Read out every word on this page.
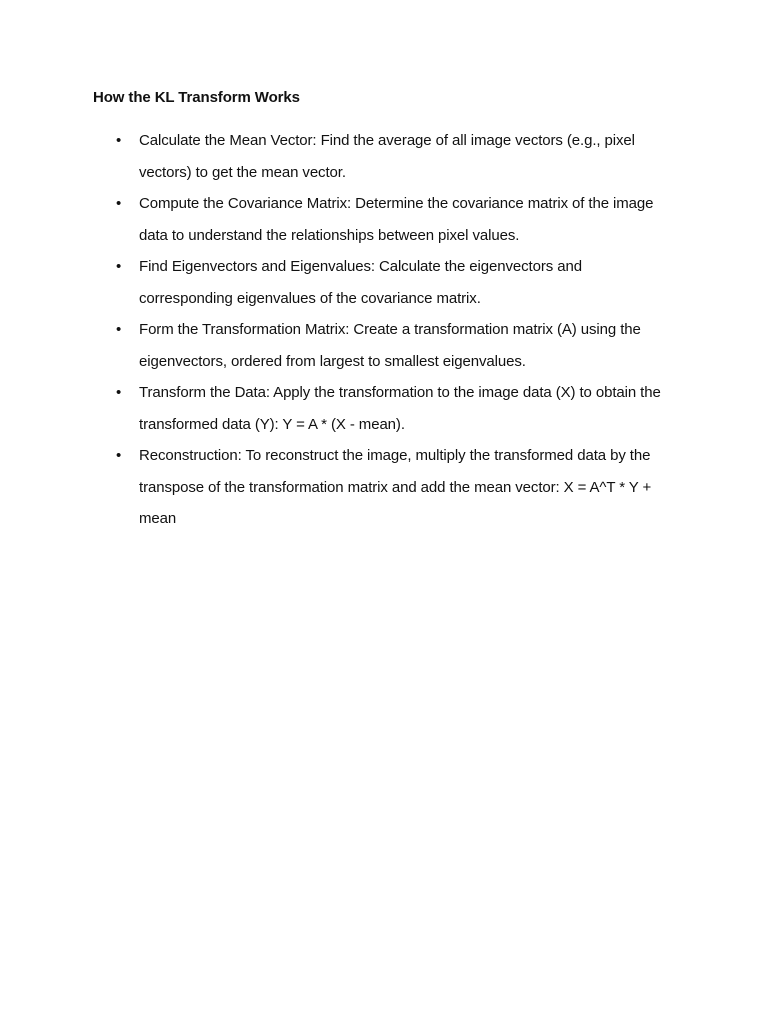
How the KL Transform Works
•	Calculate the Mean Vector: Find the average of all image vectors (e.g., pixel vectors) to get the mean vector.
•	Compute the Covariance Matrix: Determine the covariance matrix of the image data to understand the relationships between pixel values.
•	Find Eigenvectors and Eigenvalues: Calculate the eigenvectors and corresponding eigenvalues of the covariance matrix.
•	Form the Transformation Matrix: Create a transformation matrix (A) using the eigenvectors, ordered from largest to smallest eigenvalues.
•	Transform the Data: Apply the transformation to the image data (X) to obtain the transformed data (Y): Y = A * (X - mean).
•	Reconstruction: To reconstruct the image, multiply the transformed data by the transpose of the transformation matrix and add the mean vector: X = A^T * Y + mean
